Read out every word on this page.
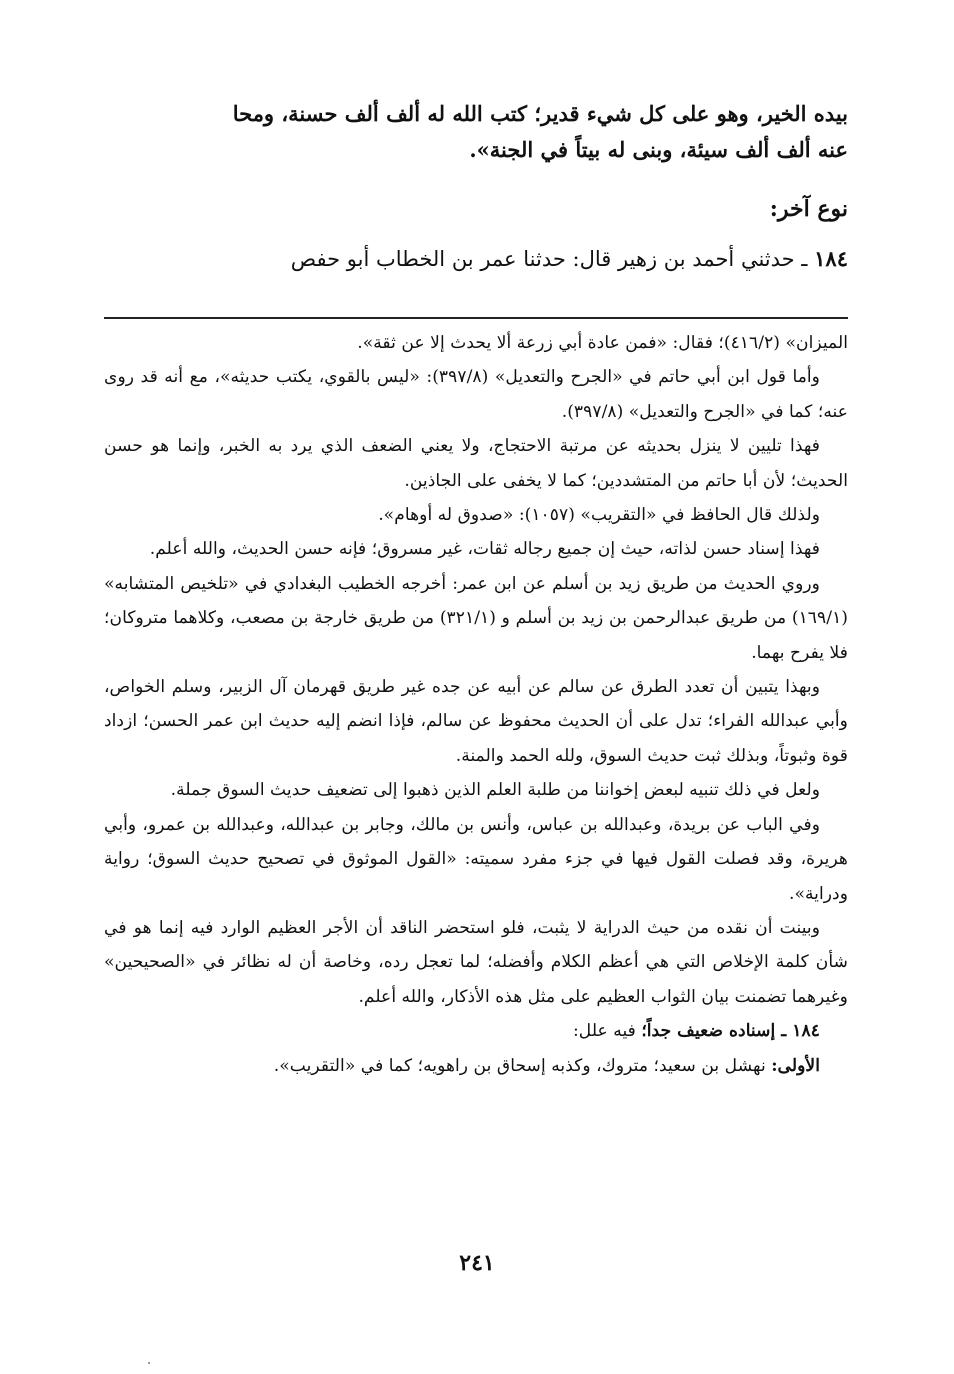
بيده الخير، وهو على كل شيء قدير؛ كتب الله له ألف ألف حسنة، ومحا

عنه ألف ألف سيئة، وبنى له بيتاً في الجنة».

نوع آخر:
١٨٤ ـ حدثني أحمد بن زهير قال: حدثنا عمر بن الخطاب أبو حفص

الميزان» (٤١٦/٢)؛ فقال: «فمن عادة أبي زرعة ألا يحدث إلا عن ثقة».

وأما قول ابن أبي حاتم في «الجرح والتعديل» (٣٩٧/٨): «ليس بالقوي، يكتب حديثه»، مع أنه قد روى عنه؛ كما في «الجرح والتعديل» (٣٩٧/٨).

فهذا تليين لا ينزل بحديثه عن مرتبة الاحتجاج، ولا يعني الضعف الذي يرد به الخبر، وإنما هو حسن الحديث؛ لأن أبا حاتم من المتشددين؛ كما لا يخفى على الجاذين.

ولذلك قال الحافظ في «التقريب» (١٠٥٧): «صدوق له أوهام».

فهذا إسناد حسن لذاته، حيث إن جميع رجاله ثقات، غير مسروق؛ فإنه حسن الحديث، والله أعلم.

وروي الحديث من طريق زيد بن أسلم عن ابن عمر: أخرجه الخطيب البغدادي في «تلخيص المتشابه» (١٦٩/١) من طريق عبدالرحمن بن زيد بن أسلم و (٣٢١/١) من طريق خارجة بن مصعب، وكلاهما متروكان؛ فلا يفرح بهما.

وبهذا يتبين أن تعدد الطرق عن سالم عن أبيه عن جده غير طريق قهرمان آل الزبير، وسلم الخواص، وأبي عبدالله الفراء؛ تدل على أن الحديث محفوظ عن سالم، فإذا انضم إليه حديث ابن عمر الحسن؛ ازداد قوة وثبوتاً، وبذلك ثبت حديث السوق، ولله الحمد والمنة.

ولعل في ذلك تنبيه لبعض إخواننا من طلبة العلم الذين ذهبوا إلى تضعيف حديث السوق جملة.

وفي الباب عن بريدة، وعبدالله بن عباس، وأنس بن مالك، وجابر بن عبدالله، وعبدالله بن عمرو، وأبي هريرة، وقد فصلت القول فيها في جزء مفرد سميته: «القول الموثوق في تصحيح حديث السوق؛ رواية ودراية».

وبينت أن نقده من حيث الدراية لا يثبت، فلو استحضر الناقد أن الأجر العظيم الوارد فيه إنما هو في شأن كلمة الإخلاص التي هي أعظم الكلام وأفضله؛ لما تعجل رده، وخاصة أن له نظائر في «الصحيحين» وغيرهما تضمنت بيان الثواب العظيم على مثل هذه الأذكار، والله أعلم.

١٨٤ ـ إسناده ضعيف جداً؛ فيه علل:

الأولى: نهشل بن سعيد؛ متروك، وكذبه إسحاق بن راهويه؛ كما في «التقريب».

٢٤١
